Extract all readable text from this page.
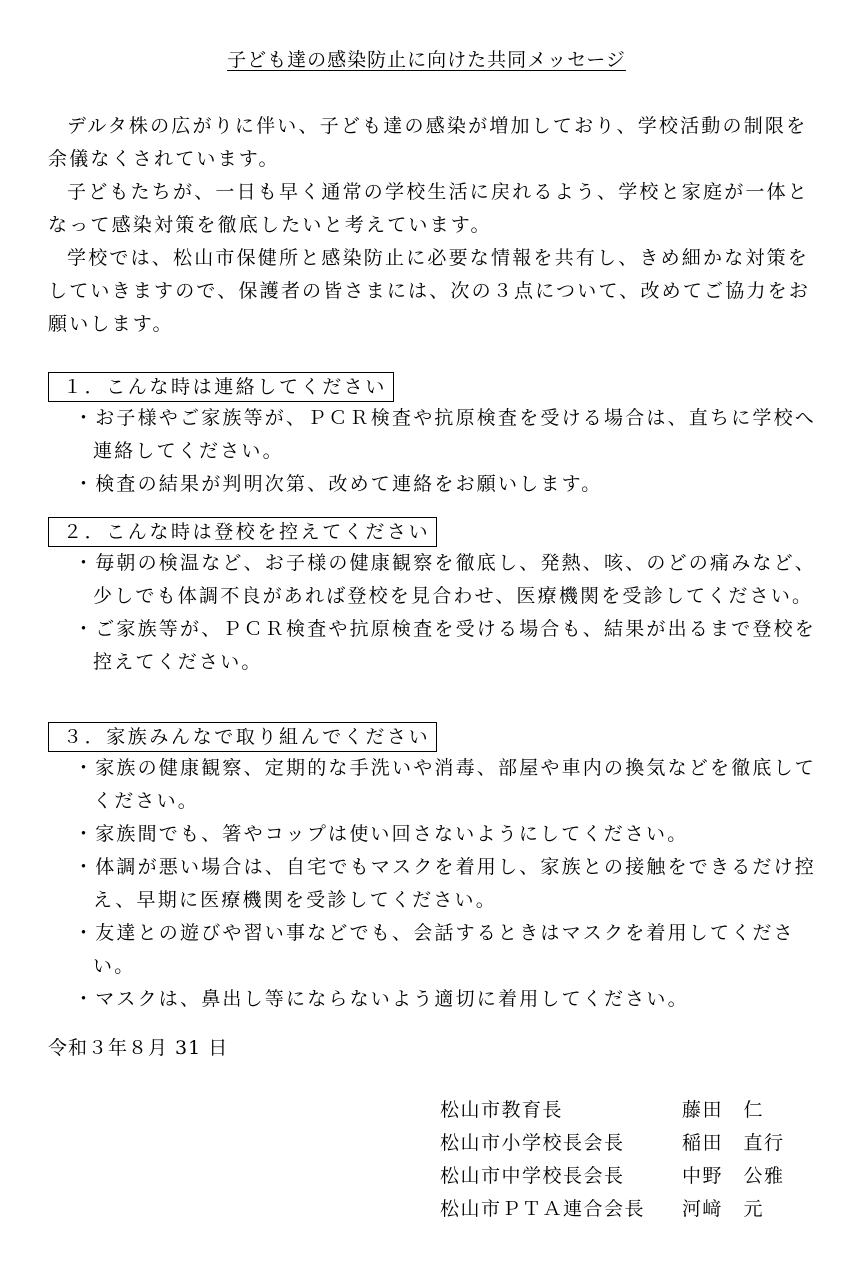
子ども達の感染防止に向けた共同メッセージ

デルタ株の広がりに伴い、子ども達の感染が増加しており、学校活動の制限を余儀なくされています。

子どもたちが、一日も早く通常の学校生活に戻れるよう、学校と家庭が一体となって感染対策を徹底したいと考えています。

学校では、松山市保健所と感染防止に必要な情報を共有し、きめ細かな対策をしていきますので、保護者の皆さまには、次の３点について、改めてご協力をお願いします。

１．こんな時は連絡してください
・お子様やご家族等が、ＰＣＲ検査や抗原検査を受ける場合は、直ちに学校へ連絡してください。
・検査の結果が判明次第、改めて連絡をお願いします。
２．こんな時は登校を控えてください
・毎朝の検温など、お子様の健康観察を徹底し、発熱、咳、のどの痛みなど、少しでも体調不良があれば登校を見合わせ、医療機関を受診してください。
・ご家族等が、ＰＣＲ検査や抗原検査を受ける場合も、結果が出るまで登校を控えてください。
３．家族みんなで取り組んでください
・家族の健康観察、定期的な手洗いや消毒、部屋や車内の換気などを徹底してください。
・家族間でも、箸やコップは使い回さないようにしてください。
・体調が悪い場合は、自宅でもマスクを着用し、家族との接触をできるだけ控え、早期に医療機関を受診してください。
・友達との遊びや習い事などでも、会話するときはマスクを着用してください。
・マスクは、鼻出し等にならないよう適切に着用してください。
令和３年８月 31 日
松山市教育長	藤田　仁
松山市小学校長会長	稲田　直行
松山市中学校長会長	中野　公雅
松山市ＰＴＡ連合会長	河﨑　元
